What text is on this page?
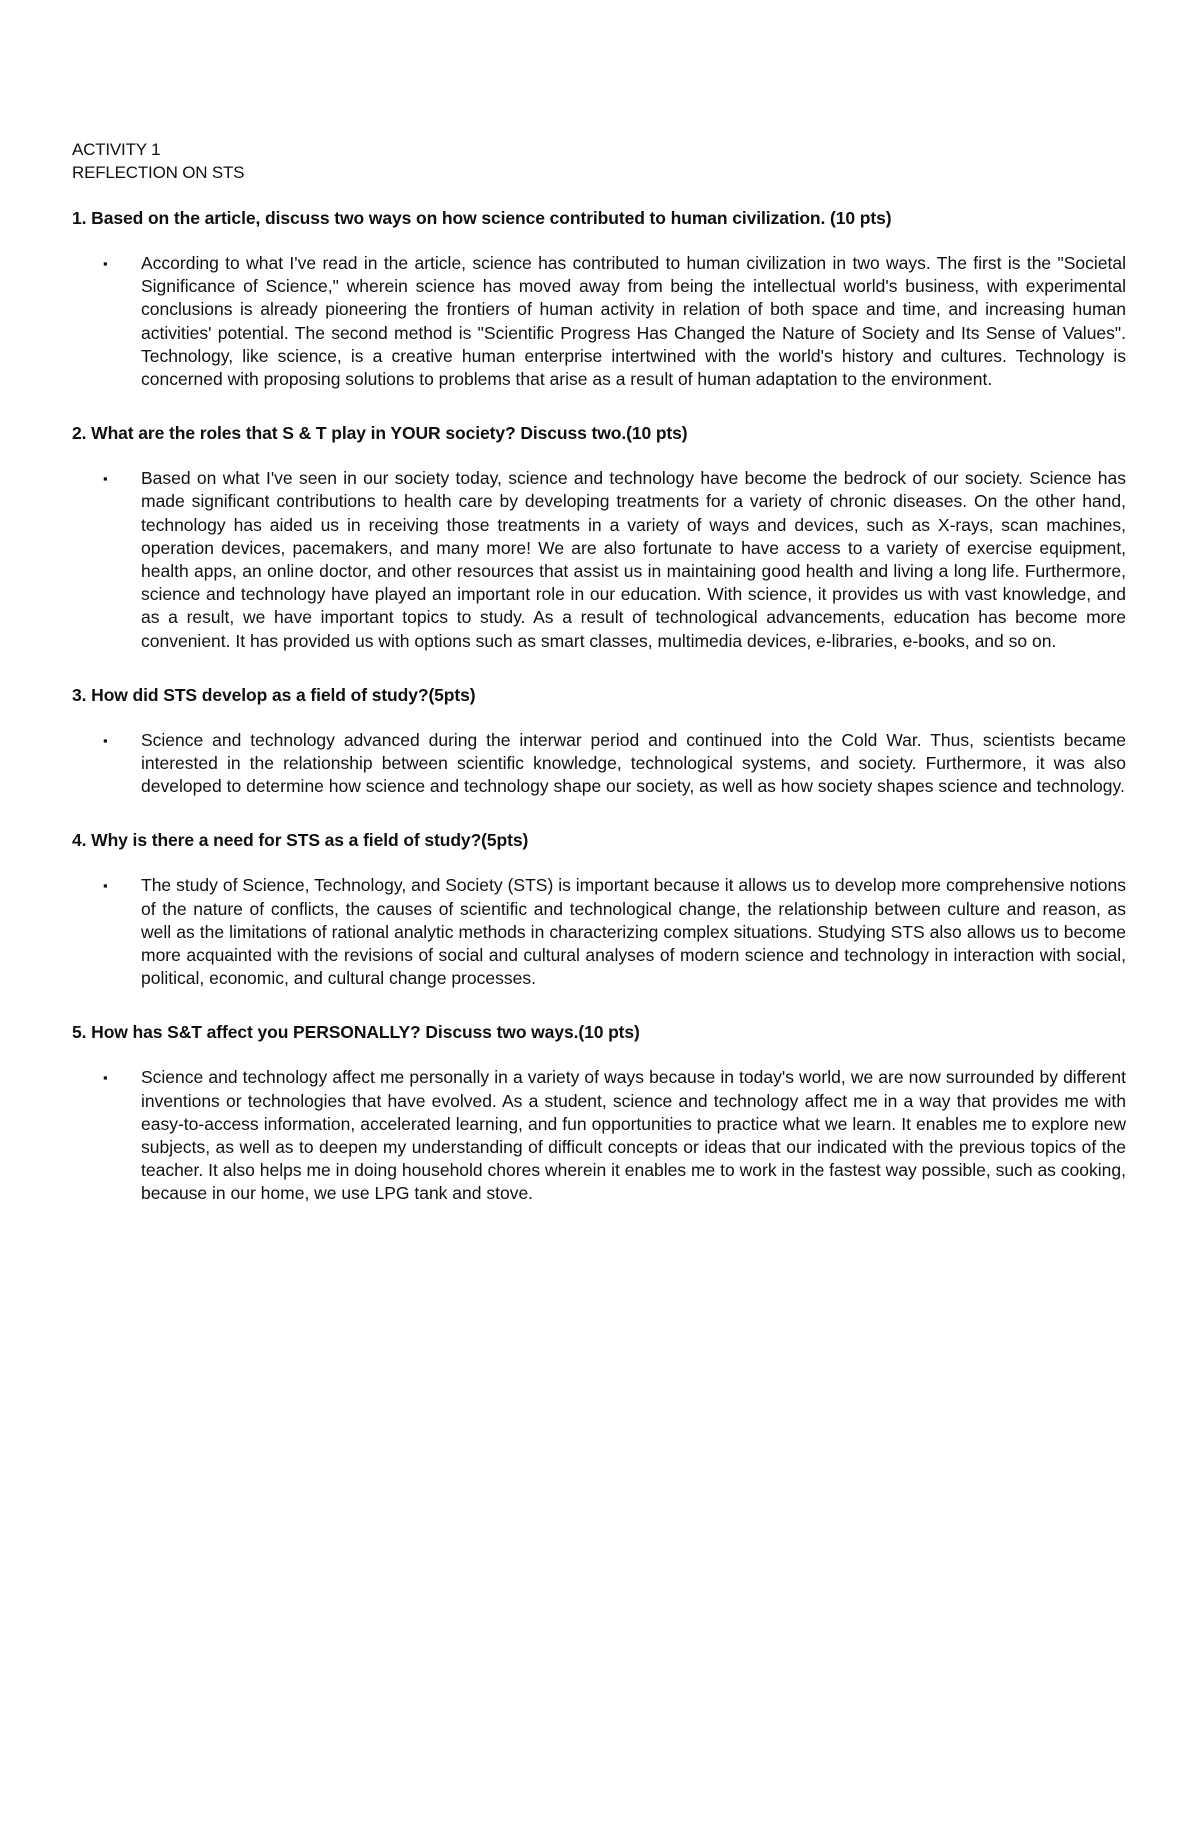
ACTIVITY 1
REFLECTION ON STS
1. Based on the article, discuss two ways on how science contributed to human civilization. (10 pts)
▪ According to what I've read in the article, science has contributed to human civilization in two ways. The first is the "Societal Significance of Science," wherein science has moved away from being the intellectual world's business, with experimental conclusions is already pioneering the frontiers of human activity in relation of both space and time, and increasing human activities' potential. The second method is "Scientific Progress Has Changed the Nature of Society and Its Sense of Values". Technology, like science, is a creative human enterprise intertwined with the world's history and cultures. Technology is concerned with proposing solutions to problems that arise as a result of human adaptation to the environment.
2. What are the roles that S & T play in YOUR society? Discuss two.(10 pts)
▪ Based on what I've seen in our society today, science and technology have become the bedrock of our society. Science has made significant contributions to health care by developing treatments for a variety of chronic diseases. On the other hand, technology has aided us in receiving those treatments in a variety of ways and devices, such as X-rays, scan machines, operation devices, pacemakers, and many more! We are also fortunate to have access to a variety of exercise equipment, health apps, an online doctor, and other resources that assist us in maintaining good health and living a long life. Furthermore, science and technology have played an important role in our education. With science, it provides us with vast knowledge, and as a result, we have important topics to study. As a result of technological advancements, education has become more convenient. It has provided us with options such as smart classes, multimedia devices, e-libraries, e-books, and so on.
3. How did STS develop as a field of study?(5pts)
▪ Science and technology advanced during the interwar period and continued into the Cold War. Thus, scientists became interested in the relationship between scientific knowledge, technological systems, and society. Furthermore, it was also developed to determine how science and technology shape our society, as well as how society shapes science and technology.
4. Why is there a need for STS as a field of study?(5pts)
▪ The study of Science, Technology, and Society (STS) is important because it allows us to develop more comprehensive notions of the nature of conflicts, the causes of scientific and technological change, the relationship between culture and reason, as well as the limitations of rational analytic methods in characterizing complex situations. Studying STS also allows us to become more acquainted with the revisions of social and cultural analyses of modern science and technology in interaction with social, political, economic, and cultural change processes.
5. How has S&T affect you PERSONALLY? Discuss two ways.(10 pts)
▪ Science and technology affect me personally in a variety of ways because in today's world, we are now surrounded by different inventions or technologies that have evolved. As a student, science and technology affect me in a way that provides me with easy-to-access information, accelerated learning, and fun opportunities to practice what we learn. It enables me to explore new subjects, as well as to deepen my understanding of difficult concepts or ideas that our indicated with the previous topics of the teacher. It also helps me in doing household chores wherein it enables me to work in the fastest way possible, such as cooking, because in our home, we use LPG tank and stove.
